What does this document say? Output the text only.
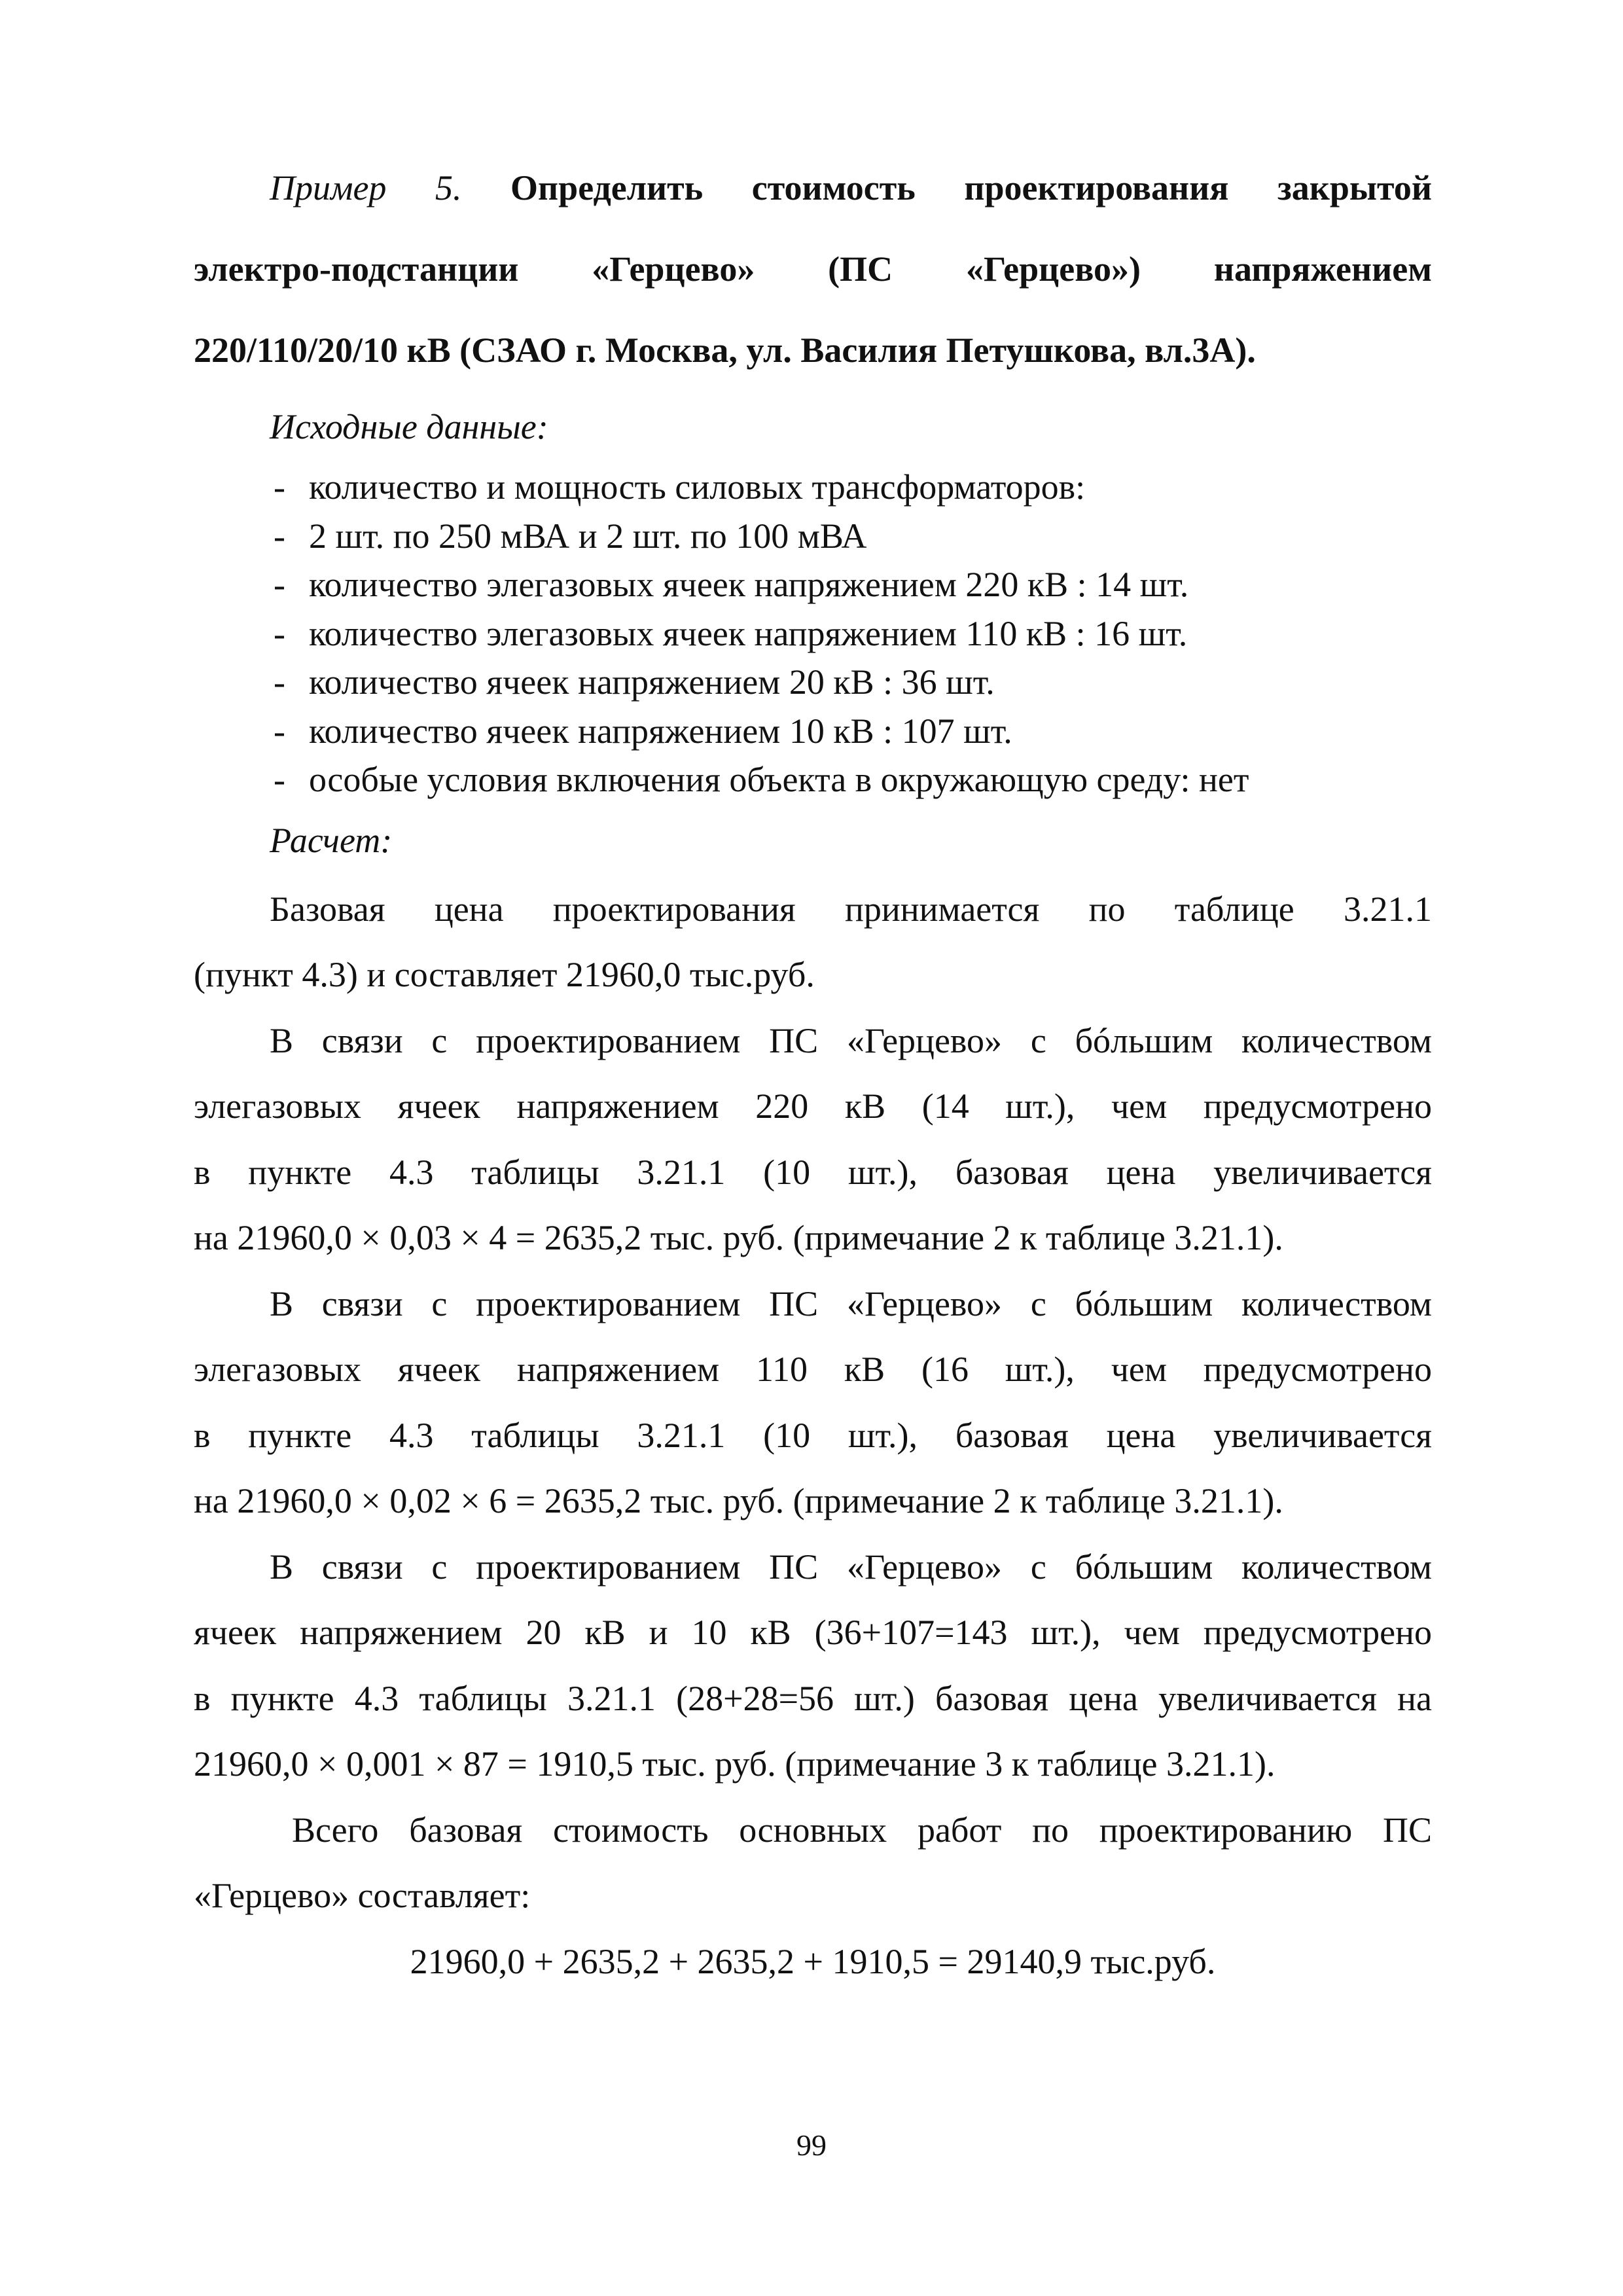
Пример 5. Определить стоимость проектирования закрытой
электро-подстанции «Герцево» (ПС «Герцево») напряжением
220/110/20/10 кВ (СЗАО г. Москва, ул. Василия Петушкова, вл.3А).
Исходные данные:
- количество и мощность силовых трансформаторов:
- 2 шт. по 250 мВА и 2 шт. по 100 мВА
- количество элегазовых ячеек напряжением 220 кВ : 14 шт.
- количество элегазовых ячеек напряжением 110 кВ : 16 шт.
- количество ячеек напряжением 20 кВ : 36 шт.
- количество ячеек напряжением 10 кВ : 107 шт.
- особые условия включения объекта в окружающую среду: нет
Расчет:
Базовая цена проектирования принимается по таблице 3.21.1
(пункт 4.3) и составляет 21960,0 тыс.руб.
В связи с проектированием ПС «Герцево» с бóльшим количеством
элегазовых ячеек напряжением 220 кВ (14 шт.), чем предусмотрено
в пункте 4.3 таблицы 3.21.1 (10 шт.), базовая цена увеличивается
на 21960,0 × 0,03 × 4 = 2635,2 тыс. руб. (примечание 2 к таблице 3.21.1).
В связи с проектированием ПС «Герцево» с бóльшим количеством
элегазовых ячеек напряжением 110 кВ (16 шт.), чем предусмотрено
в пункте 4.3 таблицы 3.21.1 (10 шт.), базовая цена увеличивается
на 21960,0 × 0,02 × 6 = 2635,2 тыс. руб. (примечание 2 к таблице 3.21.1).
В связи с проектированием ПС «Герцево» с бóльшим количеством
ячеек напряжением 20 кВ и 10 кВ (36+107=143 шт.), чем предусмотрено
в пункте 4.3 таблицы 3.21.1 (28+28=56 шт.) базовая цена увеличивается на
21960,0 × 0,001 × 87 = 1910,5 тыс. руб. (примечание 3 к таблице 3.21.1).
Всего базовая стоимость основных работ по проектированию ПС
«Герцево» составляет:
21960,0 + 2635,2 + 2635,2 + 1910,5 = 29140,9 тыс.руб.
99
